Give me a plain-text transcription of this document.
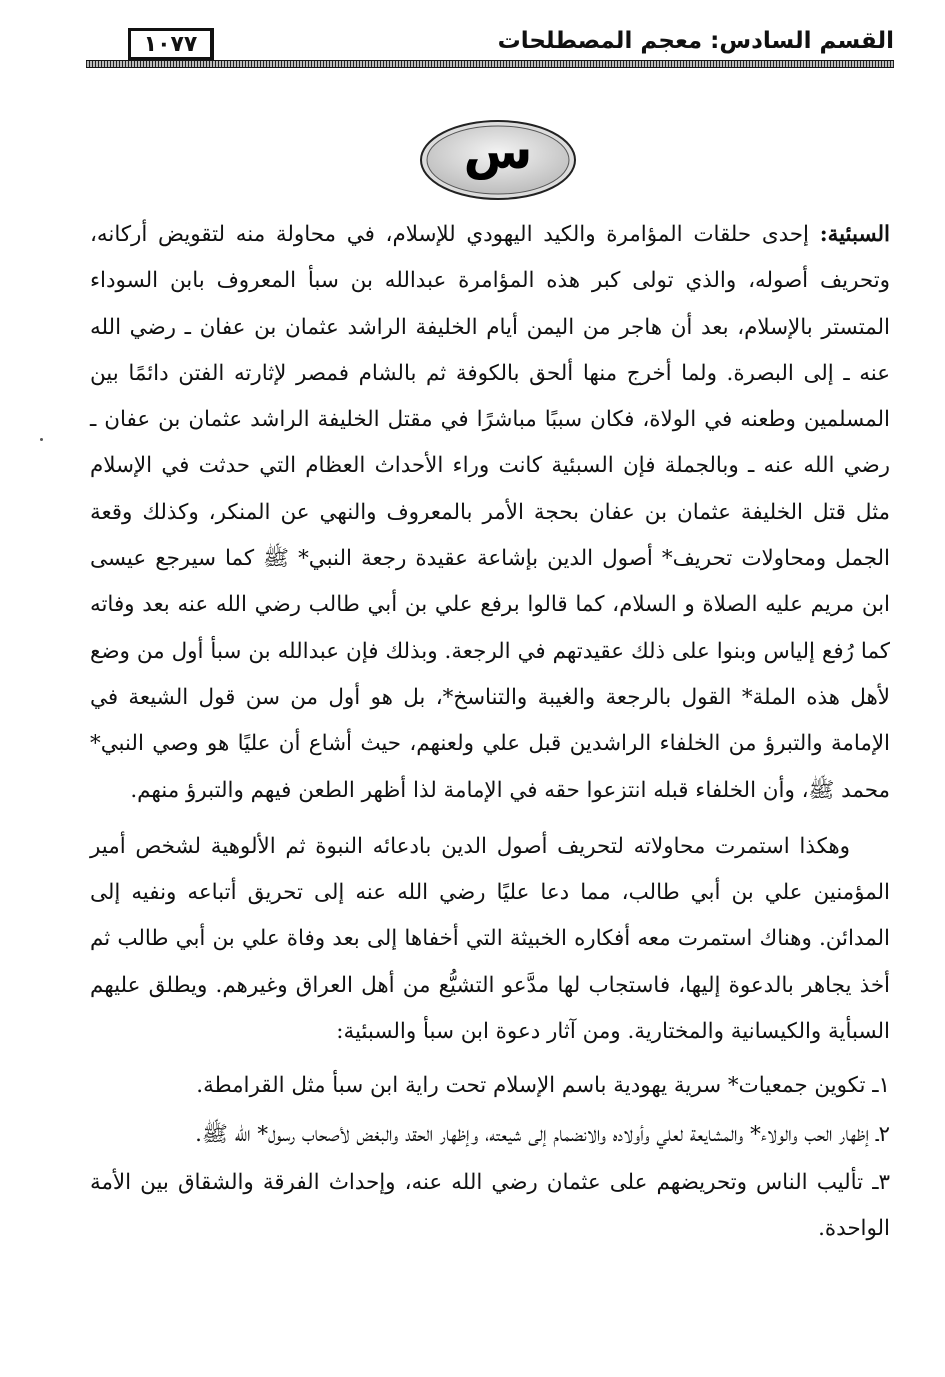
القسم السادس: معجم المصطلحات
١٠٧٧
س

السبئية: إحدى حلقات المؤامرة والكيد اليهودي للإسلام، في محاولة منه لتقويض أركانه، وتحريف أصوله، والذي تولى كبر هذه المؤامرة عبدالله بن سبأ المعروف بابن السوداء المتستر بالإسلام، بعد أن هاجر من اليمن أيام الخليفة الراشد عثمان بن عفان ـ رضي الله عنه ـ إلى البصرة. ولما أخرج منها ألحق بالكوفة ثم بالشام فمصر لإثارته الفتن دائمًا بين المسلمين وطعنه في الولاة، فكان سببًا مباشرًا في مقتل الخليفة الراشد عثمان بن عفان ـ رضي الله عنه ـ وبالجملة فإن السبئية كانت وراء الأحداث العظام التي حدثت في الإسلام مثل قتل الخليفة عثمان بن عفان بحجة الأمر بالمعروف والنهي عن المنكر، وكذلك وقعة الجمل ومحاولات تحريف* أصول الدين بإشاعة عقيدة رجعة النبي* ﷺ كما سيرجع عيسى ابن مريم عليه الصلاة و السلام، كما قالوا برفع علي بن أبي طالب رضي الله عنه بعد وفاته كما رُفع إلياس وبنوا على ذلك عقيدتهم في الرجعة. وبذلك فإن عبدالله بن سبأ أول من وضع لأهل هذه الملة* القول بالرجعة والغيبة والتناسخ*، بل هو أول من سن قول الشيعة في الإمامة والتبرؤ من الخلفاء الراشدين قبل علي ولعنهم، حيث أشاع أن عليًا هو وصي النبي* محمد ﷺ، وأن الخلفاء قبله انتزعوا حقه في الإمامة لذا أظهر الطعن فيهم والتبرؤ منهم.

وهكذا استمرت محاولاته لتحريف أصول الدين بادعائه النبوة ثم الألوهية لشخص أمير المؤمنين علي بن أبي طالب، مما دعا عليًا رضي الله عنه إلى تحريق أتباعه ونفيه إلى المدائن. وهناك استمرت معه أفكاره الخبيثة التي أخفاها إلى بعد وفاة علي بن أبي طالب ثم أخذ يجاهر بالدعوة إليها، فاستجاب لها مدَّعو التشيُّع من أهل العراق وغيرهم. ويطلق عليهم السبأية والكيسانية والمختارية. ومن آثار دعوة ابن سبأ والسبئية:

١ـ تكوين جمعيات* سرية يهودية باسم الإسلام تحت راية ابن سبأ مثل القرامطة.
٢ـ إظهار الحب والولاء* والمشايعة لعلي وأولاده والانضمام إلى شيعته، وإظهار الحقد والبغض لأصحاب رسول* الله ﷺ.
٣ـ تأليب الناس وتحريضهم على عثمان رضي الله عنه، وإحداث الفرقة والشقاق بين الأمة الواحدة.
